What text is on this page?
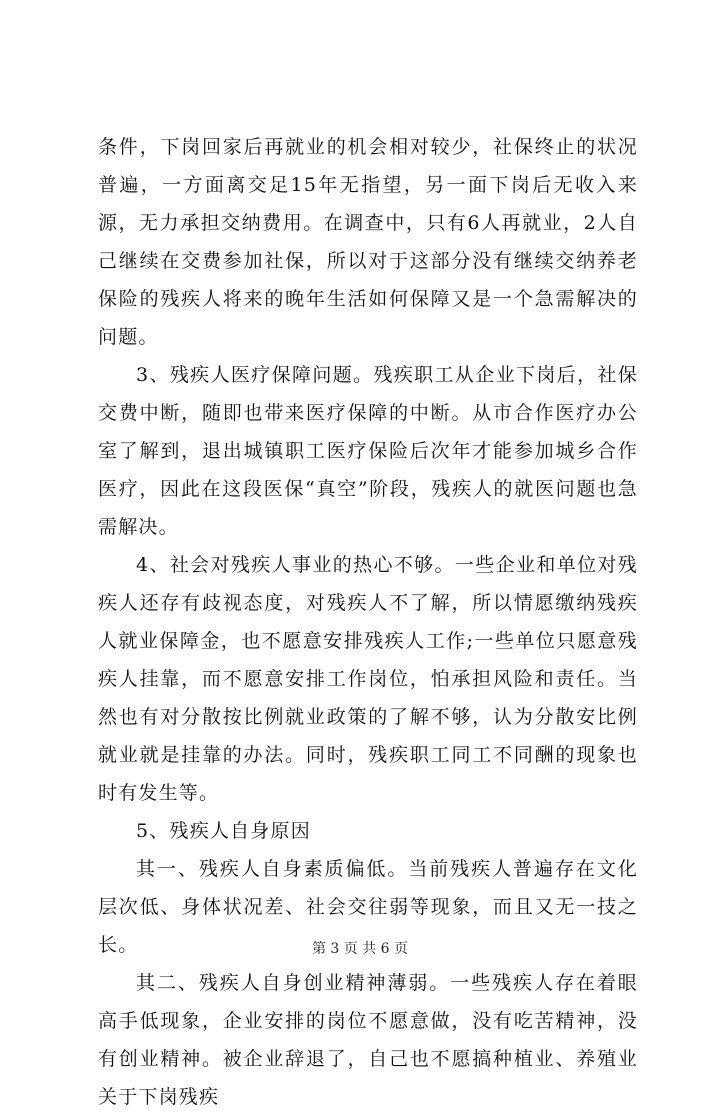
条件，下岗回家后再就业的机会相对较少，社保终止的状况普遍，一方面离交足15年无指望，另一面下岗后无收入来源，无力承担交纳费用。在调查中，只有6人再就业，2人自己继续在交费参加社保，所以对于这部分没有继续交纳养老保险的残疾人将来的晚年生活如何保障又是一个急需解决的问题。

3、残疾人医疗保障问题。残疾职工从企业下岗后，社保交费中断，随即也带来医疗保障的中断。从市合作医疗办公室了解到，退出城镇职工医疗保险后次年才能参加城乡合作医疗，因此在这段医保“真空”阶段，残疾人的就医问题也急需解决。

4、社会对残疾人事业的热心不够。一些企业和单位对残疾人还存有歧视态度，对残疾人不了解，所以情愿缴纳残疾人就业保障金，也不愿意安排残疾人工作;一些单位只愿意残疾人挂靠，而不愿意安排工作岗位，怕承担风险和责任。当然也有对分散按比例就业政策的了解不够，认为分散安比例就业就是挂靠的办法。同时，残疾职工同工不同酬的现象也时有发生等。

5、残疾人自身原因

其一、残疾人自身素质偏低。当前残疾人普遍存在文化层次低、身体状况差、社会交往弱等现象，而且又无一技之长。

其二、残疾人自身创业精神薄弱。一些残疾人存在着眼高手低现象，企业安排的岗位不愿意做，没有吃苦精神，没有创业精神。被企业辞退了，自己也不愿搞种植业、养殖业关于下岗残疾

第 3 页 共 6 页
